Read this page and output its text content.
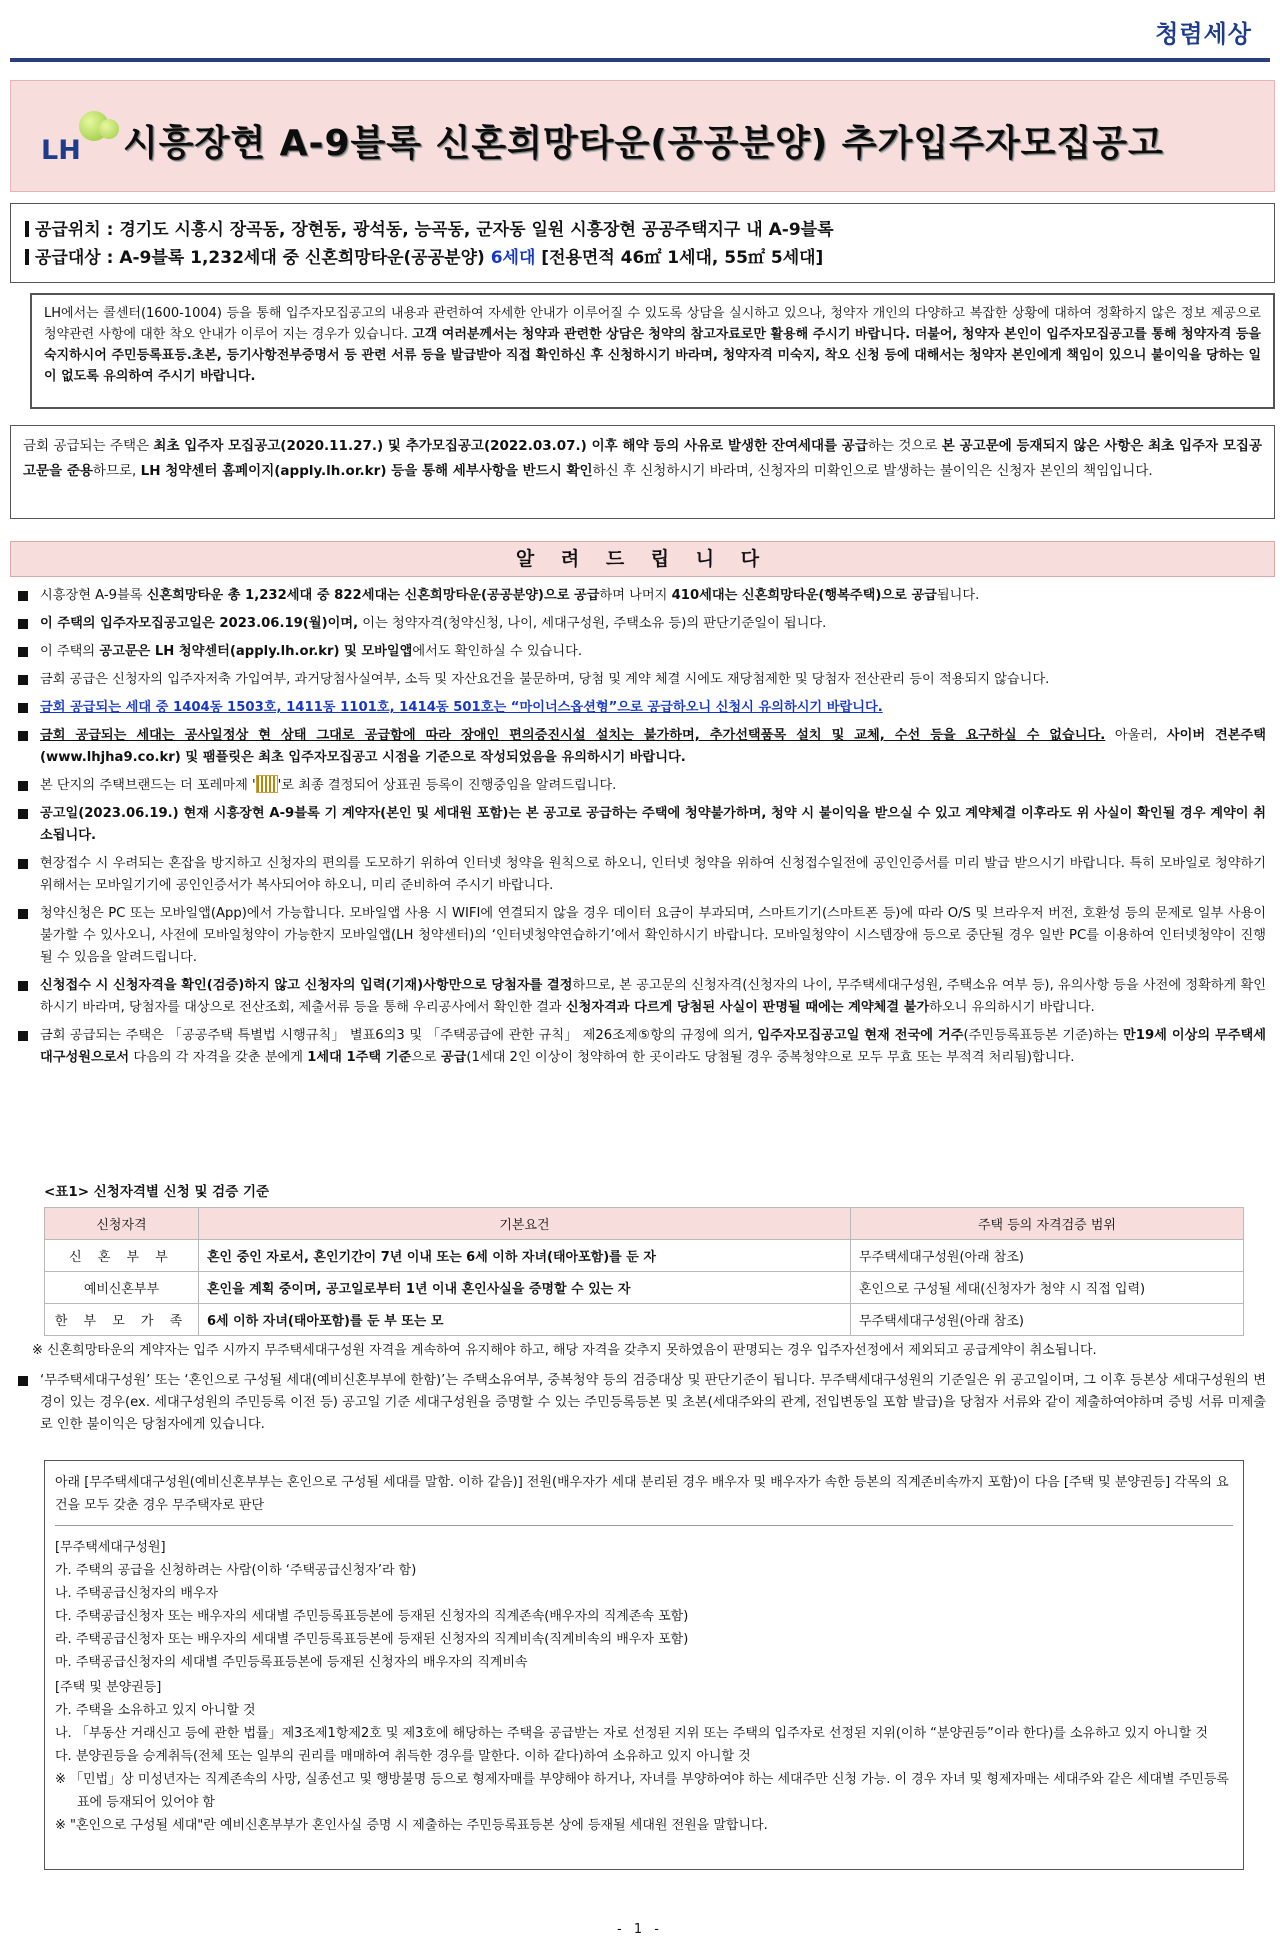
청렴세상
LH 시흥장현 A-9블록 신혼희망타운(공공분양) 추가입주자모집공고
공급위치 : 경기도 시흥시 장곡동, 장현동, 광석동, 능곡동, 군자동 일원 시흥장현 공공주택지구 내 A-9블록
공급대상 : A-9블록 1,232세대 중 신혼희망타운(공공분양) 6세대 [전용면적 46㎡ 1세대, 55㎡ 5세대]
LH에서는 콜센터(1600-1004) 등을 통해 입주자모집공고의 내용과 관련하여 자세한 안내가 이루어질 수 있도록 상담을 실시하고 있으나, 청약자 개인의 다양하고 복잡한 상황에 대하여 정확하지 않은 정보 제공으로 청약관련 사항에 대한 착오 안내가 이루어 지는 경우가 있습니다. 고객 여러분께서는 청약과 관련한 상담은 청약의 참고자료로만 활용해 주시기 바랍니다. 더불어, 청약자 본인이 입주자모집공고를 통해 청약자격 등을 숙지하시어 주민등록표등.초본, 등기사항전부증명서 등 관련 서류 등을 발급받아 직접 확인하신 후 신청하시기 바라며, 청약자격 미숙지, 착오 신청 등에 대해서는 청약자 본인에게 책임이 있으니 불이익을 당하는 일이 없도록 유의하여 주시기 바랍니다.
금회 공급되는 주택은 최초 입주자 모집공고(2020.11.27.) 및 추가모집공고(2022.03.07.) 이후 해약 등의 사유로 발생한 잔여세대를 공급하는 것으로 본 공고문에 등재되지 않은 사항은 최초 입주자 모집공고문을 준용하므로, LH 청약센터 홈페이지(apply.lh.or.kr) 등을 통해 세부사항을 반드시 확인하신 후 신청하시기 바라며, 신청자의 미확인으로 발생하는 불이익은 신청자 본인의 책임입니다.
알 려 드 립 니 다
시흥장현 A-9블록 신혼희망타운 총 1,232세대 중 822세대는 신혼희망타운(공공분양)으로 공급하며 나머지 410세대는 신혼희망타운(행복주택)으로 공급됩니다.
이 주택의 입주자모집공고일은 2023.06.19(월)이며, 이는 청약자격(청약신청, 나이, 세대구성원, 주택소유 등)의 판단기준일이 됩니다.
이 주택의 공고문은 LH 청약센터(apply.lh.or.kr) 및 모바일앱에서도 확인하실 수 있습니다.
금회 공급은 신청자의 입주자저축 가입여부, 과거당첨사실여부, 소득 및 자산요건을 불문하며, 당첨 및 계약 체결 시에도 재당첨제한 및 당첨자 전산관리 등이 적용되지 않습니다.
금회 공급되는 세대 중 1404동 1503호, 1411동 1101호, 1414동 501호는 “마이너스옵션형”으로 공급하오니 신청시 유의하시기 바랍니다.
금회 공급되는 세대는 공사일정상 현 상태 그대로 공급함에 따라 장애인 편의증진시설 설치는 불가하며, 추가선택품목 설치 및 교체, 수선 등을 요구하실 수 없습니다. 아울러, 사이버 견본주택(www.lhjha9.co.kr) 및 팸플릿은 최초 입주자모집공고 시점을 기준으로 작성되었음을 유의하시기 바랍니다.
본 단지의 주택브랜드는 더 포레마제 ' '로 최종 결정되어 상표권 등록이 진행중임을 알려드립니다.
공고일(2023.06.19.) 현재 시흥장현 A-9블록 기 계약자(본인 및 세대원 포함)는 본 공고로 공급하는 주택에 청약불가하며, 청약 시 불이익을 받으실 수 있고 계약체결 이후라도 위 사실이 확인될 경우 계약이 취소됩니다.
현장접수 시 우려되는 혼잡을 방지하고 신청자의 편의를 도모하기 위하여 인터넷 청약을 원칙으로 하오니, 인터넷 청약을 위하여 신청접수일전에 공인인증서를 미리 발급 받으시기 바랍니다. 특히 모바일로 청약하기 위해서는 모바일기기에 공인인증서가 복사되어야 하오니, 미리 준비하여 주시기 바랍니다.
청약신청은 PC 또는 모바일앱(App)에서 가능합니다. 모바일앱 사용 시 WIFI에 연결되지 않을 경우 데이터 요금이 부과되며, 스마트기기(스마트폰 등)에 따라 O/S 및 브라우저 버전, 호환성 등의 문제로 일부 사용이 불가할 수 있사오니, 사전에 모바일청약이 가능한지 모바일앱(LH 청약센터)의 ‘인터넷청약연습하기’에서 확인하시기 바랍니다. 모바일청약이 시스템장애 등으로 중단될 경우 일반 PC를 이용하여 인터넷청약이 진행될 수 있음을 알려드립니다.
신청접수 시 신청자격을 확인(검증)하지 않고 신청자의 입력(기재)사항만으로 당첨자를 결정하므로, 본 공고문의 신청자격(신청자의 나이, 무주택세대구성원, 주택소유 여부 등), 유의사항 등을 사전에 정확하게 확인하시기 바라며, 당첨자를 대상으로 전산조회, 제출서류 등을 통해 우리공사에서 확인한 결과 신청자격과 다르게 당첨된 사실이 판명될 때에는 계약체결 불가하오니 유의하시기 바랍니다.
금회 공급되는 주택은 「공공주택 특별법 시행규칙」 별표6의3 및 「주택공급에 관한 규칙」 제26조제⑤항의 규정에 의거, 입주자모집공고일 현재 전국에 거주(주민등록표등본 기준)하는 만19세 이상의 무주택세대구성원으로서 다음의 각 자격을 갖춘 분에게 1세대 1주택 기준으로 공급(1세대 2인 이상이 청약하여 한 곳이라도 당첨될 경우 중복청약으로 모두 무효 또는 부적격 처리됨)합니다.
<표1> 신청자격별 신청 및 검증 기준
신청자격	기본요건	주택 등의 자격검증 범위
신 혼 부 부	혼인 중인 자로서, 혼인기간이 7년 이내 또는 6세 이하 자녀(태아포함)를 둔 자	무주택세대구성원(아래 참조)
예비신혼부부	혼인을 계획 중이며, 공고일로부터 1년 이내 혼인사실을 증명할 수 있는 자	혼인으로 구성될 세대(신청자가 청약 시 직접 입력)
한 부 모 가 족	6세 이하 자녀(태아포함)를 둔 부 또는 모	무주택세대구성원(아래 참조)
※ 신혼희망타운의 계약자는 입주 시까지 무주택세대구성원 자격을 계속하여 유지해야 하고, 해당 자격을 갖추지 못하였음이 판명되는 경우 입주자선정에서 제외되고 공급계약이 취소됩니다.
‘무주택세대구성원’ 또는 ‘혼인으로 구성될 세대(예비신혼부부에 한함)’는 주택소유여부, 중복청약 등의 검증대상 및 판단기준이 됩니다. 무주택세대구성원의 기준일은 위 공고일이며, 그 이후 등본상 세대구성원의 변경이 있는 경우(ex. 세대구성원의 주민등록 이전 등) 공고일 기준 세대구성원을 증명할 수 있는 주민등록등본 및 초본(세대주와의 관계, 전입변동일 포함 발급)을 당첨자 서류와 같이 제출하여야하며 증빙 서류 미제출로 인한 불이익은 당첨자에게 있습니다.
아래 [무주택세대구성원(예비신혼부부는 혼인으로 구성될 세대를 말함. 이하 같음)] 전원(배우자가 세대 분리된 경우 배우자 및 배우자가 속한 등본의 직계존비속까지 포함)이 다음 [주택 및 분양권등] 각목의 요건을 모두 갖춘 경우 무주택자로 판단
[무주택세대구성원]
가. 주택의 공급을 신청하려는 사람(이하 ‘주택공급신청자’라 함)
나. 주택공급신청자의 배우자
다. 주택공급신청자 또는 배우자의 세대별 주민등록표등본에 등재된 신청자의 직계존속(배우자의 직계존속 포함)
라. 주택공급신청자 또는 배우자의 세대별 주민등록표등본에 등재된 신청자의 직계비속(직계비속의 배우자 포함)
마. 주택공급신청자의 세대별 주민등록표등본에 등재된 신청자의 배우자의 직계비속
[주택 및 분양권등]
가. 주택을 소유하고 있지 아니할 것
나. 「부동산 거래신고 등에 관한 법률」제3조제1항제2호 및 제3호에 해당하는 주택을 공급받는 자로 선정된 지위 또는 주택의 입주자로 선정된 지위(이하 “분양권등”이라 한다)를 소유하고 있지 아니할 것
다. 분양권등을 승계취득(전체 또는 일부의 권리를 매매하여 취득한 경우를 말한다. 이하 같다)하여 소유하고 있지 아니할 것
※ 「민법」상 미성년자는 직계존속의 사망, 실종선고 및 행방불명 등으로 형제자매를 부양해야 하거나, 자녀를 부양하여야 하는 세대주만 신청 가능. 이 경우 자녀 및 형제자매는 세대주와 같은 세대별 주민등록표에 등재되어 있어야 함
※ "혼인으로 구성될 세대"란 예비신혼부부가 혼인사실 증명 시 제출하는 주민등록표등본 상에 등재될 세대원 전원을 말합니다.
- 1 -
